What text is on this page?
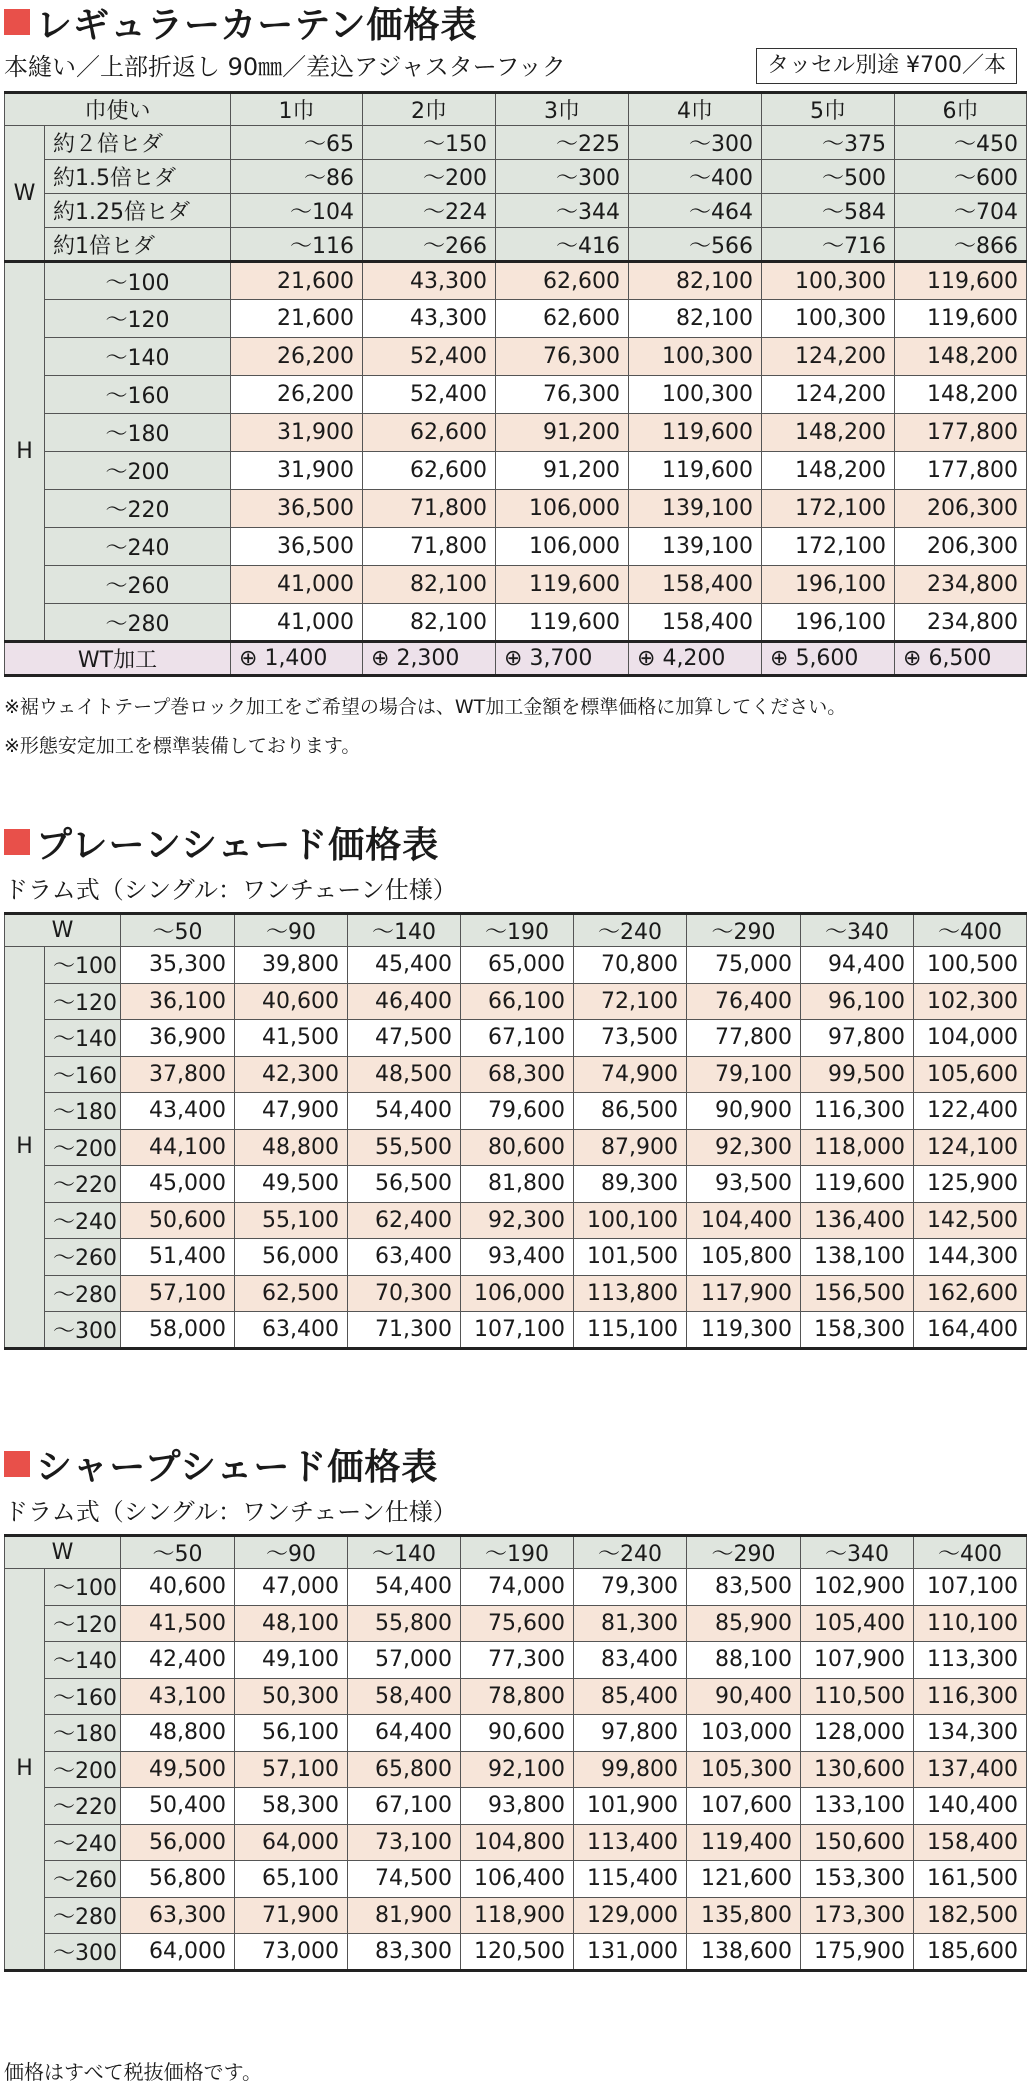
レギュラーカーテン価格表
本縫い／上部折返し 90㎜／差込アジャスターフック	タッセル別途 ¥700／本
巾使い		1巾	2巾	3巾	4巾	5巾	6巾
W	約２倍ヒダ	～65	～150	～225	～300	～375	～450
	約1.5倍ヒダ	～86	～200	～300	～400	～500	～600
	約1.25倍ヒダ	～104	～224	～344	～464	～584	～704
	約1倍ヒダ	～116	～266	～416	～566	～716	～866
H	～100	21,600	43,300	62,600	82,100	100,300	119,600
	～120	21,600	43,300	62,600	82,100	100,300	119,600
	～140	26,200	52,400	76,300	100,300	124,200	148,200
	～160	26,200	52,400	76,300	100,300	124,200	148,200
	～180	31,900	62,600	91,200	119,600	148,200	177,800
	～200	31,900	62,600	91,200	119,600	148,200	177,800
	～220	36,500	71,800	106,000	139,100	172,100	206,300
	～240	36,500	71,800	106,000	139,100	172,100	206,300
	～260	41,000	82,100	119,600	158,400	196,100	234,800
	～280	41,000	82,100	119,600	158,400	196,100	234,800
WT加工		⊕ 1,400	⊕ 2,300	⊕ 3,700	⊕ 4,200	⊕ 5,600	⊕ 6,500
※裾ウェイトテープ巻ロック加工をご希望の場合は、WT加工金額を標準価格に加算してください。
※形態安定加工を標準装備しております。
プレーンシェード価格表
ドラム式（シングル：ワンチェーン仕様）
W		～50	～90	～140	～190	～240	～290	～340	～400
H	～100	35,300	39,800	45,400	65,000	70,800	75,000	94,400	100,500
	～120	36,100	40,600	46,400	66,100	72,100	76,400	96,100	102,300
	～140	36,900	41,500	47,500	67,100	73,500	77,800	97,800	104,000
	～160	37,800	42,300	48,500	68,300	74,900	79,100	99,500	105,600
	～180	43,400	47,900	54,400	79,600	86,500	90,900	116,300	122,400
	～200	44,100	48,800	55,500	80,600	87,900	92,300	118,000	124,100
	～220	45,000	49,500	56,500	81,800	89,300	93,500	119,600	125,900
	～240	50,600	55,100	62,400	92,300	100,100	104,400	136,400	142,500
	～260	51,400	56,000	63,400	93,400	101,500	105,800	138,100	144,300
	～280	57,100	62,500	70,300	106,000	113,800	117,900	156,500	162,600
	～300	58,000	63,400	71,300	107,100	115,100	119,300	158,300	164,400
シャープシェード価格表
ドラム式（シングル：ワンチェーン仕様）
W		～50	～90	～140	～190	～240	～290	～340	～400
H	～100	40,600	47,000	54,400	74,000	79,300	83,500	102,900	107,100
	～120	41,500	48,100	55,800	75,600	81,300	85,900	105,400	110,100
	～140	42,400	49,100	57,000	77,300	83,400	88,100	107,900	113,300
	～160	43,100	50,300	58,400	78,800	85,400	90,400	110,500	116,300
	～180	48,800	56,100	64,400	90,600	97,800	103,000	128,000	134,300
	～200	49,500	57,100	65,800	92,100	99,800	105,300	130,600	137,400
	～220	50,400	58,300	67,100	93,800	101,900	107,600	133,100	140,400
	～240	56,000	64,000	73,100	104,800	113,400	119,400	150,600	158,400
	～260	56,800	65,100	74,500	106,400	115,400	121,600	153,300	161,500
	～280	63,300	71,900	81,900	118,900	129,000	135,800	173,300	182,500
	～300	64,000	73,000	83,300	120,500	131,000	138,600	175,900	185,600
価格はすべて税抜価格です。
